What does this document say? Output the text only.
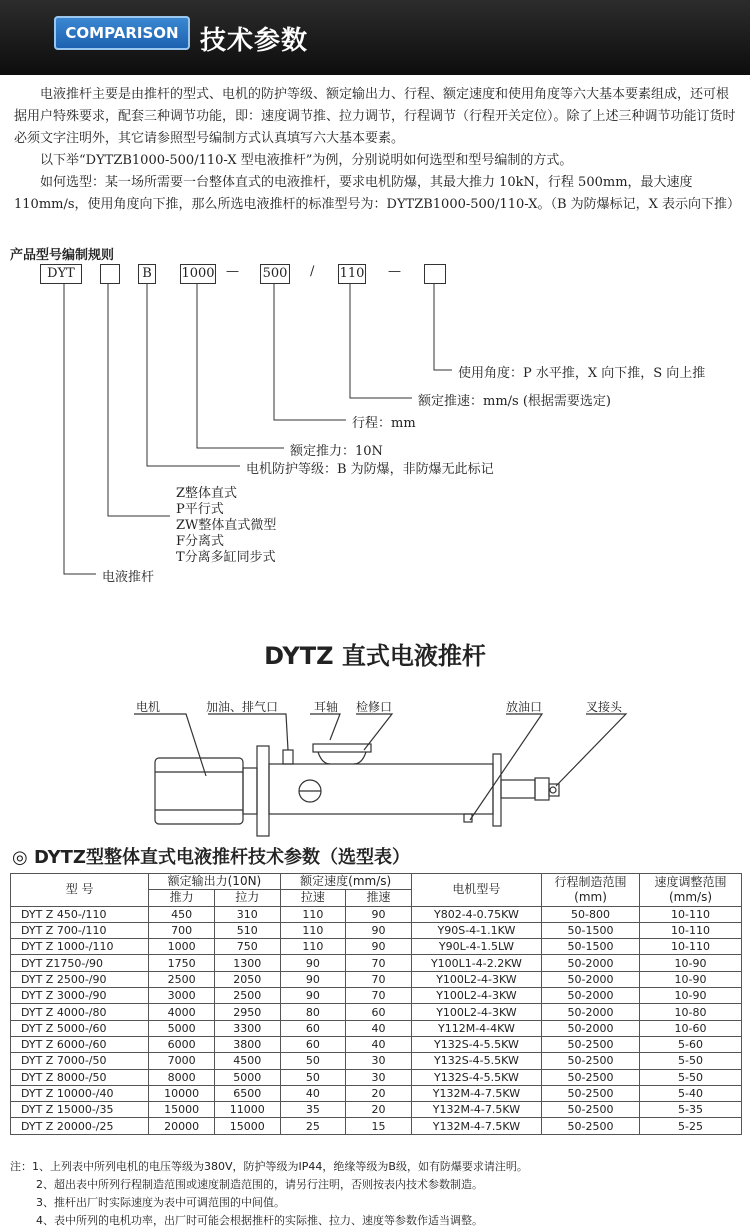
COMPARISON 技术参数

电液推杆主要是由推杆的型式、电机的防护等级、额定输出力、行程、额定速度和使用角度等六大基本要素组成，还可根据用户特殊要求，配套三种调节功能，即：速度调节推、拉力调节，行程调节（行程开关定位）。除了上述三种调节功能订货时必须文字注明外，其它请参照型号编制方式认真填写六大基本要素。

以下举“DYTZB1000-500/110-X 型电液推杆”为例，分别说明如何选型和型号编制的方式。

如何选型：某一场所需要一台整体直式的电液推杆，要求电机防爆，其最大推力 10kN，行程 500mm，最大速度 110mm/s，使用角度向下推，那么所选电液推杆的标准型号为：DYTZB1000-500/110-X。（B 为防爆标记，X 表示向下推）

产品型号编制规则
DYT	B	1000 — 500 / 110 —
使用角度：P 水平推，X 向下推，S 向上推
额定推速：mm/s (根据需要选定)
行程：mm
额定推力：10N
电机防护等级：B 为防爆，非防爆无此标记
Z整体直式
P平行式
ZW整体直式微型
F分离式
T分离多缸同步式
电液推杆
DYTZ 直式电液推杆
电机	加油、排气口	耳轴 检修口	放油口	叉接头
◎ DYTZ型整体直式电液推杆技术参数（选型表）
型 号	额定输出力(10N)		额定速度(mm/s)		电机型号	行程制造范围(mm)	速度调整范围(mm/s)
	推力	拉力	拉速	推速			
DYT Z 450-/110	450	310	110	90	Y802-4-0.75KW	50-800	10-110
DYT Z 700-/110	700	510	110	90	Y90S-4-1.1KW	50-1500	10-110
DYT Z 1000-/110	1000	750	110	90	Y90L-4-1.5LW	50-1500	10-110
DYT Z1750-/90	1750	1300	90	70	Y100L1-4-2.2KW	50-2000	10-90
DYT Z 2500-/90	2500	2050	90	70	Y100L2-4-3KW	50-2000	10-90
DYT Z 3000-/90	3000	2500	90	70	Y100L2-4-3KW	50-2000	10-90
DYT Z 4000-/80	4000	2950	80	60	Y100L2-4-3KW	50-2000	10-80
DYT Z 5000-/60	5000	3300	60	40	Y112M-4-4KW	50-2000	10-60
DYT Z 6000-/60	6000	3800	60	40	Y132S-4-5.5KW	50-2500	5-60
DYT Z 7000-/50	7000	4500	50	30	Y132S-4-5.5KW	50-2500	5-50
DYT Z 8000-/50	8000	5000	50	30	Y132S-4-5.5KW	50-2500	5-50
DYT Z 10000-/40	10000	6500	40	20	Y132M-4-7.5KW	50-2500	5-40
DYT Z 15000-/35	15000	11000	35	20	Y132M-4-7.5KW	50-2500	5-35
DYT Z 20000-/25	20000	15000	25	15	Y132M-4-7.5KW	50-2500	5-25
注：1、上列表中所列电机的电压等级为380V，防护等级为IP44，绝缘等级为B级，如有防爆要求请注明。
2、超出表中所列行程制造范围或速度制造范围的，请另行注明，否则按表内技术参数制造。
3、推杆出厂时实际速度为表中可调范围的中间值。
4、表中所列的电机功率，出厂时可能会根据推杆的实际推、拉力、速度等参数作适当调整。
